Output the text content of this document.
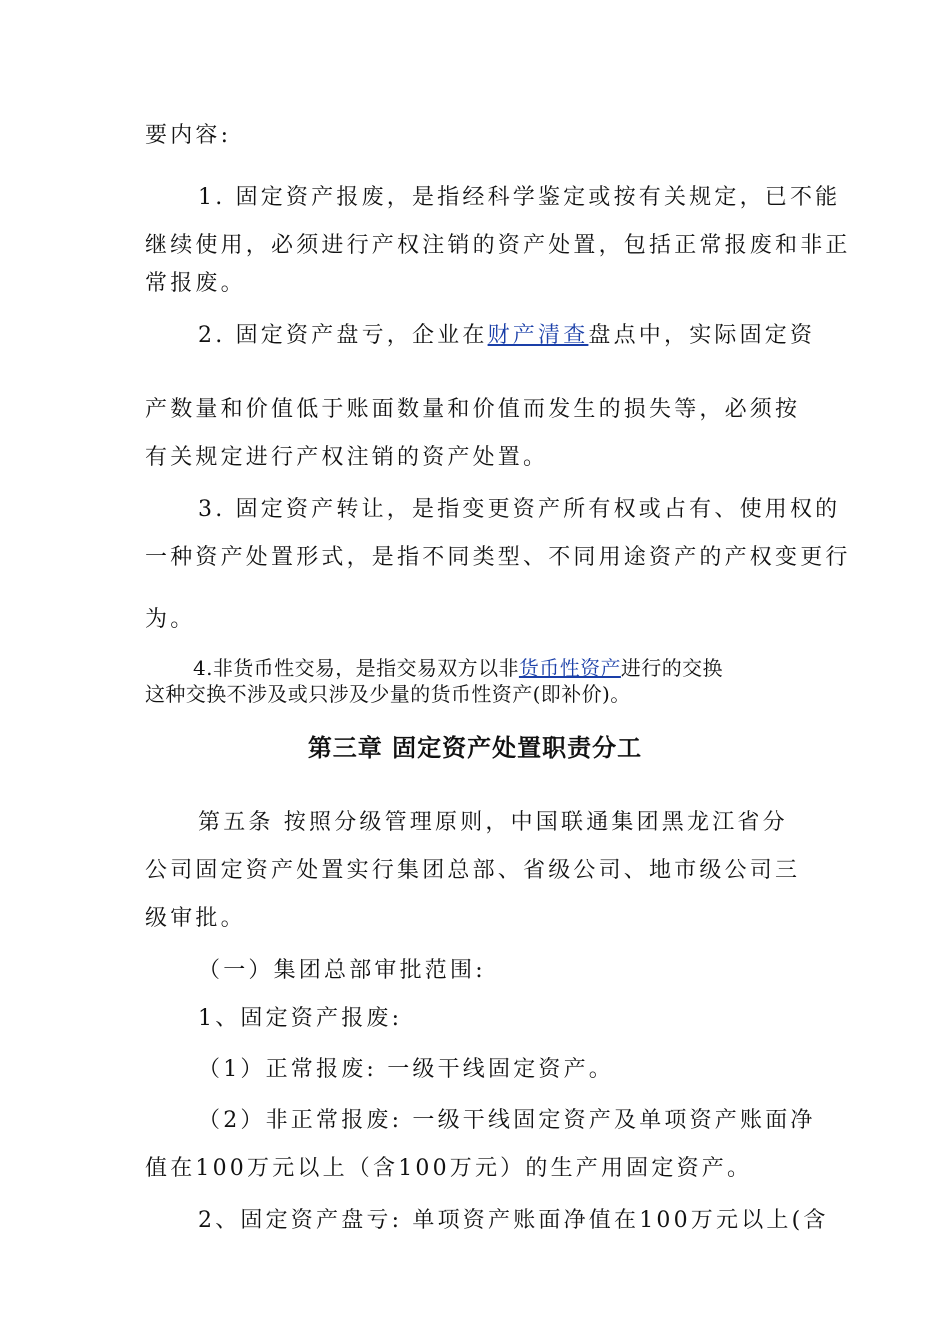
要内容:
1. 固定资产报废，是指经科学鉴定或按有关规定，已不能
继续使用，必须进行产权注销的资产处置，包括正常报废和非正
常报废。
2. 固定资产盘亏，企业在财产清查盘点中，实际固定资
产数量和价值低于账面数量和价值而发生的损失等，必须按
有关规定进行产权注销的资产处置。
3. 固定资产转让，是指变更资产所有权或占有、使用权的
一种资产处置形式，是指不同类型、不同用途资产的产权变更行
为。
4.非货币性交易，是指交易双方以非货币性资产进行的交换
这种交换不涉及或只涉及少量的货币性资产(即补价)。
第三章 固定资产处置职责分工
第五条 按照分级管理原则，中国联通集团黑龙江省分
公司固定资产处置实行集团总部、省级公司、地市级公司三
级审批。
（一）集团总部审批范围:
1、固定资产报废:
（1）正常报废: 一级干线固定资产。
（2）非正常报废: 一级干线固定资产及单项资产账面净
值在100万元以上（含100万元）的生产用固定资产。
2、固定资产盘亏: 单项资产账面净值在100万元以上(含
